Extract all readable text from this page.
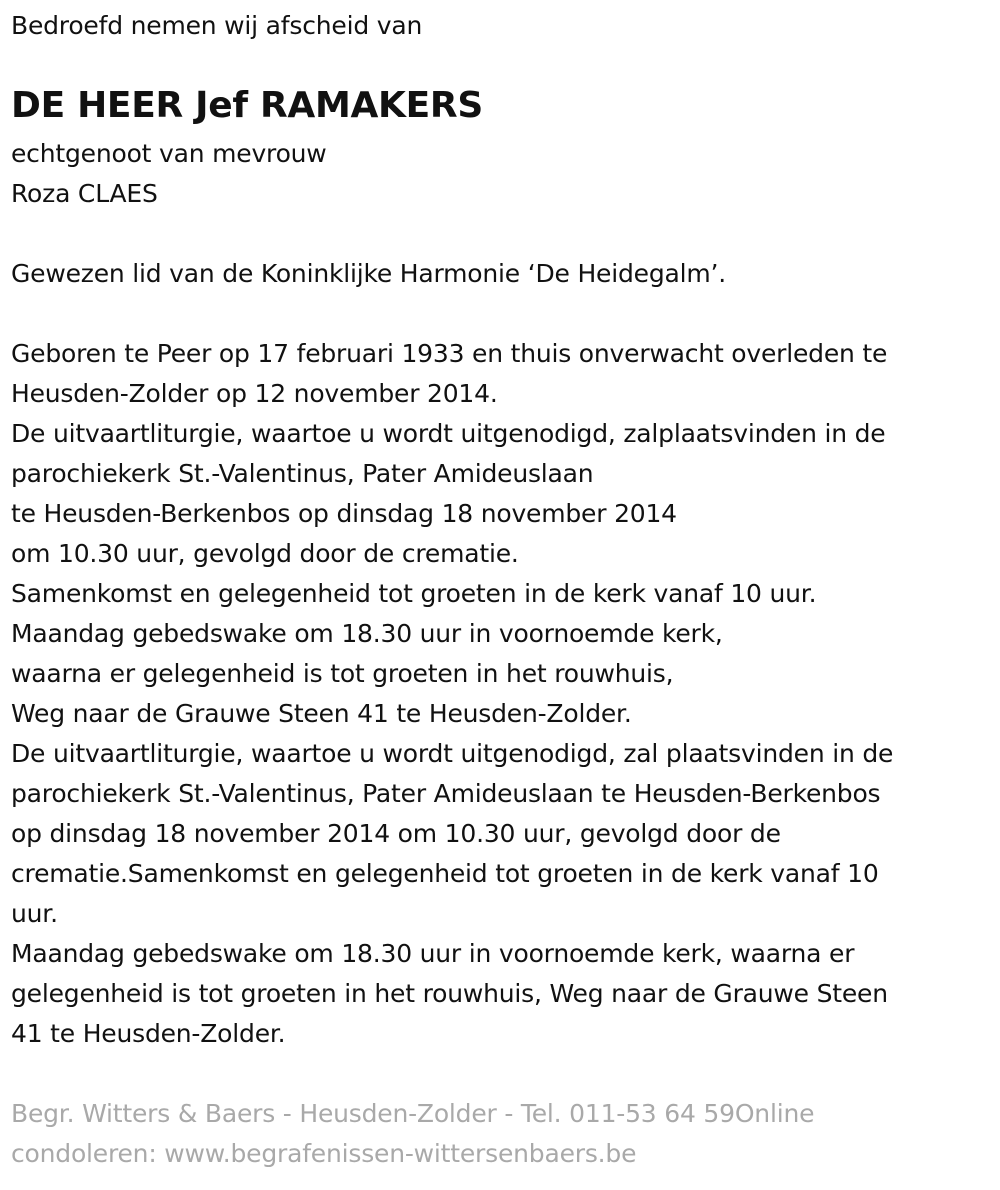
Bedroefd nemen wij afscheid van
DE HEER Jef RAMAKERS
echtgenoot van mevrouw
Roza CLAES
Gewezen lid van de Koninklijke Harmonie ‘De Heidegalm’.
Geboren te Peer op 17 februari 1933 en thuis onverwacht overleden te
Heusden-Zolder op 12 november 2014.
De uitvaartliturgie, waartoe u wordt uitgenodigd, zalplaatsvinden in de
parochiekerk St.-Valentinus, Pater Amideuslaan
te Heusden-Berkenbos op dinsdag 18 november 2014
om 10.30 uur, gevolgd door de crematie.
Samenkomst en gelegenheid tot groeten in de kerk vanaf 10 uur.
Maandag gebedswake om 18.30 uur in voornoemde kerk,
waarna er gelegenheid is tot groeten in het rouwhuis,
Weg naar de Grauwe Steen 41 te Heusden-Zolder.
De uitvaartliturgie, waartoe u wordt uitgenodigd, zal plaatsvinden in de
parochiekerk St.-Valentinus, Pater Amideuslaan te Heusden-Berkenbos
op dinsdag 18 november 2014 om 10.30 uur, gevolgd door de
crematie.Samenkomst en gelegenheid tot groeten in de kerk vanaf 10
uur.
Maandag gebedswake om 18.30 uur in voornoemde kerk, waarna er
gelegenheid is tot groeten in het rouwhuis, Weg naar de Grauwe Steen
41 te Heusden-Zolder.
Begr. Witters & Baers - Heusden-Zolder - Tel. 011-53 64 59Online
condoleren: www.begrafenissen-wittersenbaers.be
